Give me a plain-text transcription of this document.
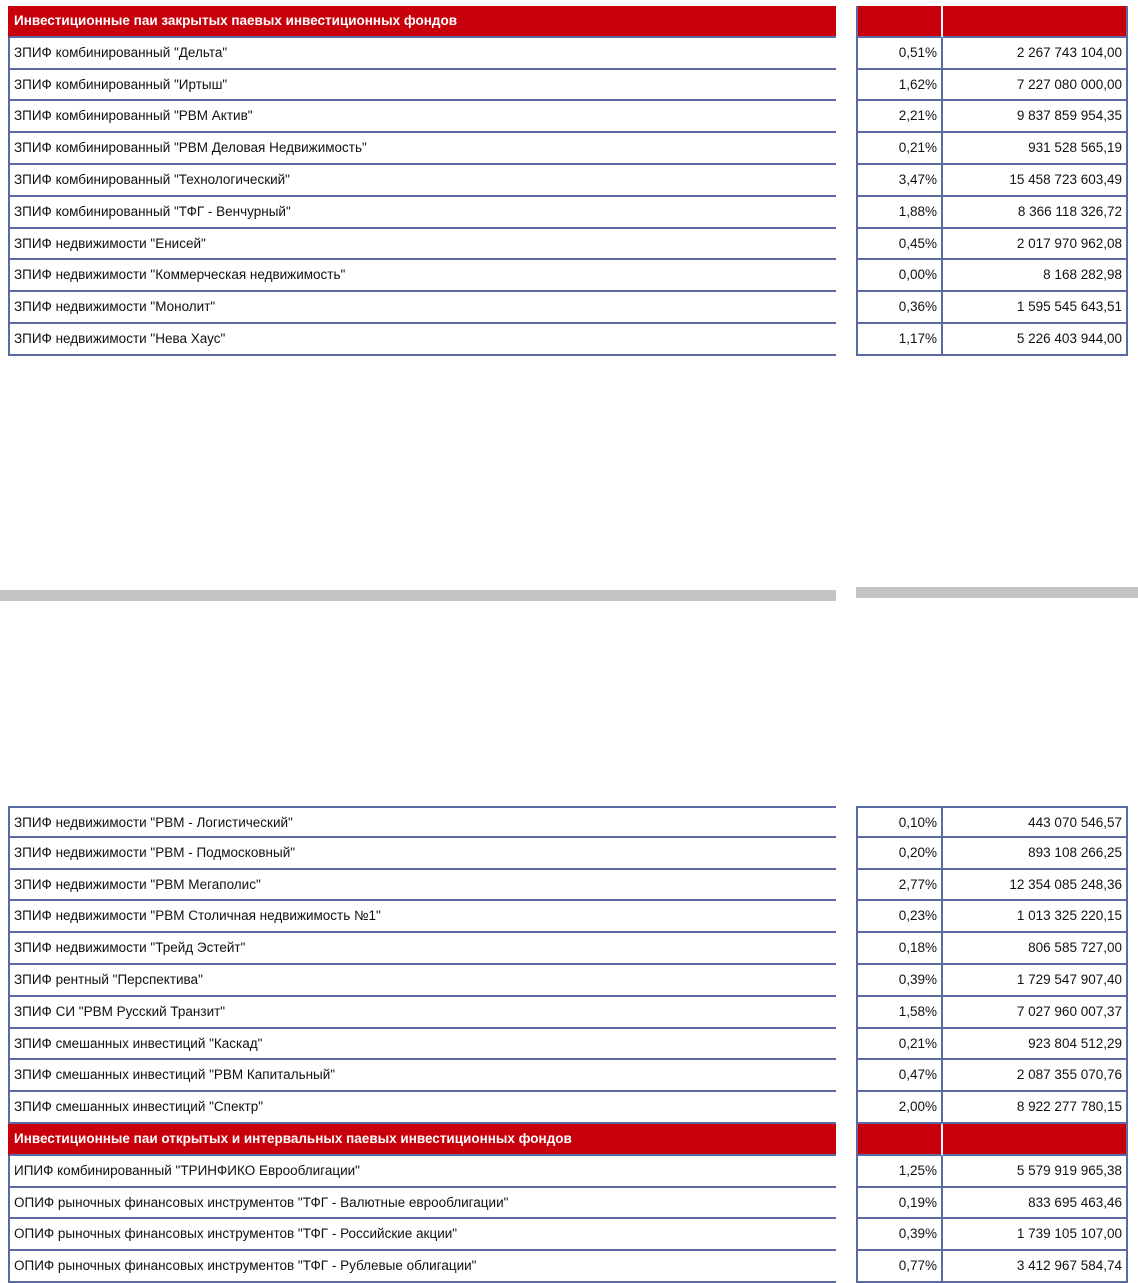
Инвестиционные паи закрытых паевых инвестиционных фондов
ЗПИФ комбинированный "Дельта"	0,51%	2 267 743 104,00
ЗПИФ комбинированный "Иртыш"	1,62%	7 227 080 000,00
ЗПИФ комбинированный "РВМ Актив"	2,21%	9 837 859 954,35
ЗПИФ комбинированный "РВМ Деловая Недвижимость"	0,21%	931 528 565,19
ЗПИФ комбинированный "Технологический"	3,47%	15 458 723 603,49
ЗПИФ комбинированный "ТФГ - Венчурный"	1,88%	8 366 118 326,72
ЗПИФ недвижимости "Енисей"	0,45%	2 017 970 962,08
ЗПИФ недвижимости "Коммерческая недвижимость"	0,00%	8 168 282,98
ЗПИФ недвижимости "Монолит"	0,36%	1 595 545 643,51
ЗПИФ недвижимости "Нева Хаус"	1,17%	5 226 403 944,00
ЗПИФ недвижимости "РВМ - Логистический"	0,10%	443 070 546,57
ЗПИФ недвижимости "РВМ - Подмосковный"	0,20%	893 108 266,25
ЗПИФ недвижимости "РВМ Мегаполис"	2,77%	12 354 085 248,36
ЗПИФ недвижимости "РВМ Столичная недвижимость №1"	0,23%	1 013 325 220,15
ЗПИФ недвижимости "Трейд Эстейт"	0,18%	806 585 727,00
ЗПИФ рентный "Перспектива"	0,39%	1 729 547 907,40
ЗПИФ СИ "РВМ Русский Транзит"	1,58%	7 027 960 007,37
ЗПИФ смешанных инвестиций "Каскад"	0,21%	923 804 512,29
ЗПИФ смешанных инвестиций "РВМ Капитальный"	0,47%	2 087 355 070,76
ЗПИФ смешанных инвестиций "Спектр"	2,00%	8 922 277 780,15
Инвестиционные паи открытых и интервальных паевых инвестиционных фондов
ИПИФ комбинированный "ТРИНФИКО Еврооблигации"	1,25%	5 579 919 965,38
ОПИФ рыночных финансовых инструментов "ТФГ - Валютные еврооблигации"	0,19%	833 695 463,46
ОПИФ рыночных финансовых инструментов "ТФГ - Российские акции"	0,39%	1 739 105 107,00
ОПИФ рыночных финансовых инструментов "ТФГ - Рублевые облигации"	0,77%	3 412 967 584,74
